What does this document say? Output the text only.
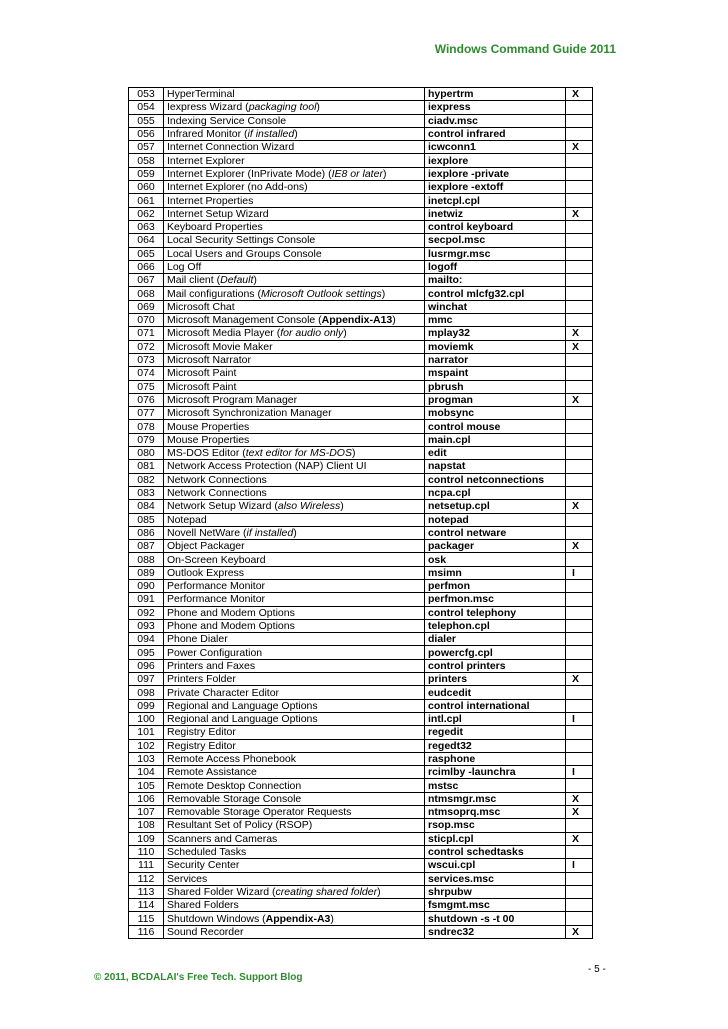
Windows Command Guide 2011
053	HyperTerminal	hypertrm	X
054	Iexpress Wizard (packaging tool)	iexpress	
055	Indexing Service Console	ciadv.msc	
056	Infrared Monitor (if installed)	control infrared	
057	Internet Connection Wizard	icwconn1	X
058	Internet Explorer	iexplore	
059	Internet Explorer (InPrivate Mode) (IE8 or later)	iexplore -private	
060	Internet Explorer (no Add-ons)	iexplore -extoff	
061	Internet Properties	inetcpl.cpl	
062	Internet Setup Wizard	inetwiz	X
063	Keyboard Properties	control keyboard	
064	Local Security Settings Console	secpol.msc	
065	Local Users and Groups Console	lusrmgr.msc	
066	Log Off	logoff	
067	Mail client (Default)	mailto:	
068	Mail configurations (Microsoft Outlook settings)	control mlcfg32.cpl	
069	Microsoft Chat	winchat	
070	Microsoft Management Console (Appendix-A13)	mmc	
071	Microsoft Media Player (for audio only)	mplay32	X
072	Microsoft Movie Maker	moviemk	X
073	Microsoft Narrator	narrator	
074	Microsoft Paint	mspaint	
075	Microsoft Paint	pbrush	
076	Microsoft Program Manager	progman	X
077	Microsoft Synchronization Manager	mobsync	
078	Mouse Properties	control mouse	
079	Mouse Properties	main.cpl	
080	MS-DOS Editor (text editor for MS-DOS)	edit	
081	Network Access Protection (NAP) Client UI	napstat	
082	Network Connections	control netconnections	
083	Network Connections	ncpa.cpl	
084	Network Setup Wizard (also Wireless)	netsetup.cpl	X
085	Notepad	notepad	
086	Novell NetWare (if installed)	control netware	
087	Object Packager	packager	X
088	On-Screen Keyboard	osk	
089	Outlook Express	msimn	I
090	Performance Monitor	perfmon	
091	Performance Monitor	perfmon.msc	
092	Phone and Modem Options	control telephony	
093	Phone and Modem Options	telephon.cpl	
094	Phone Dialer	dialer	
095	Power Configuration	powercfg.cpl	
096	Printers and Faxes	control printers	
097	Printers Folder	printers	X
098	Private Character Editor	eudcedit	
099	Regional and Language Options	control international	
100	Regional and Language Options	intl.cpl	I
101	Registry Editor	regedit	
102	Registry Editor	regedt32	
103	Remote Access Phonebook	rasphone	
104	Remote Assistance	rcimlby -launchra	I
105	Remote Desktop Connection	mstsc	
106	Removable Storage Console	ntmsmgr.msc	X
107	Removable Storage Operator Requests	ntmsoprq.msc	X
108	Resultant Set of Policy (RSOP)	rsop.msc	
109	Scanners and Cameras	sticpl.cpl	X
110	Scheduled Tasks	control schedtasks	
111	Security Center	wscui.cpl	I
112	Services	services.msc	
113	Shared Folder Wizard (creating shared folder)	shrpubw	
114	Shared Folders	fsmgmt.msc	
115	Shutdown Windows (Appendix-A3)	shutdown -s -t 00	
116	Sound Recorder	sndrec32	X
- 5 -
© 2011, BCDALAI's Free Tech. Support Blog
